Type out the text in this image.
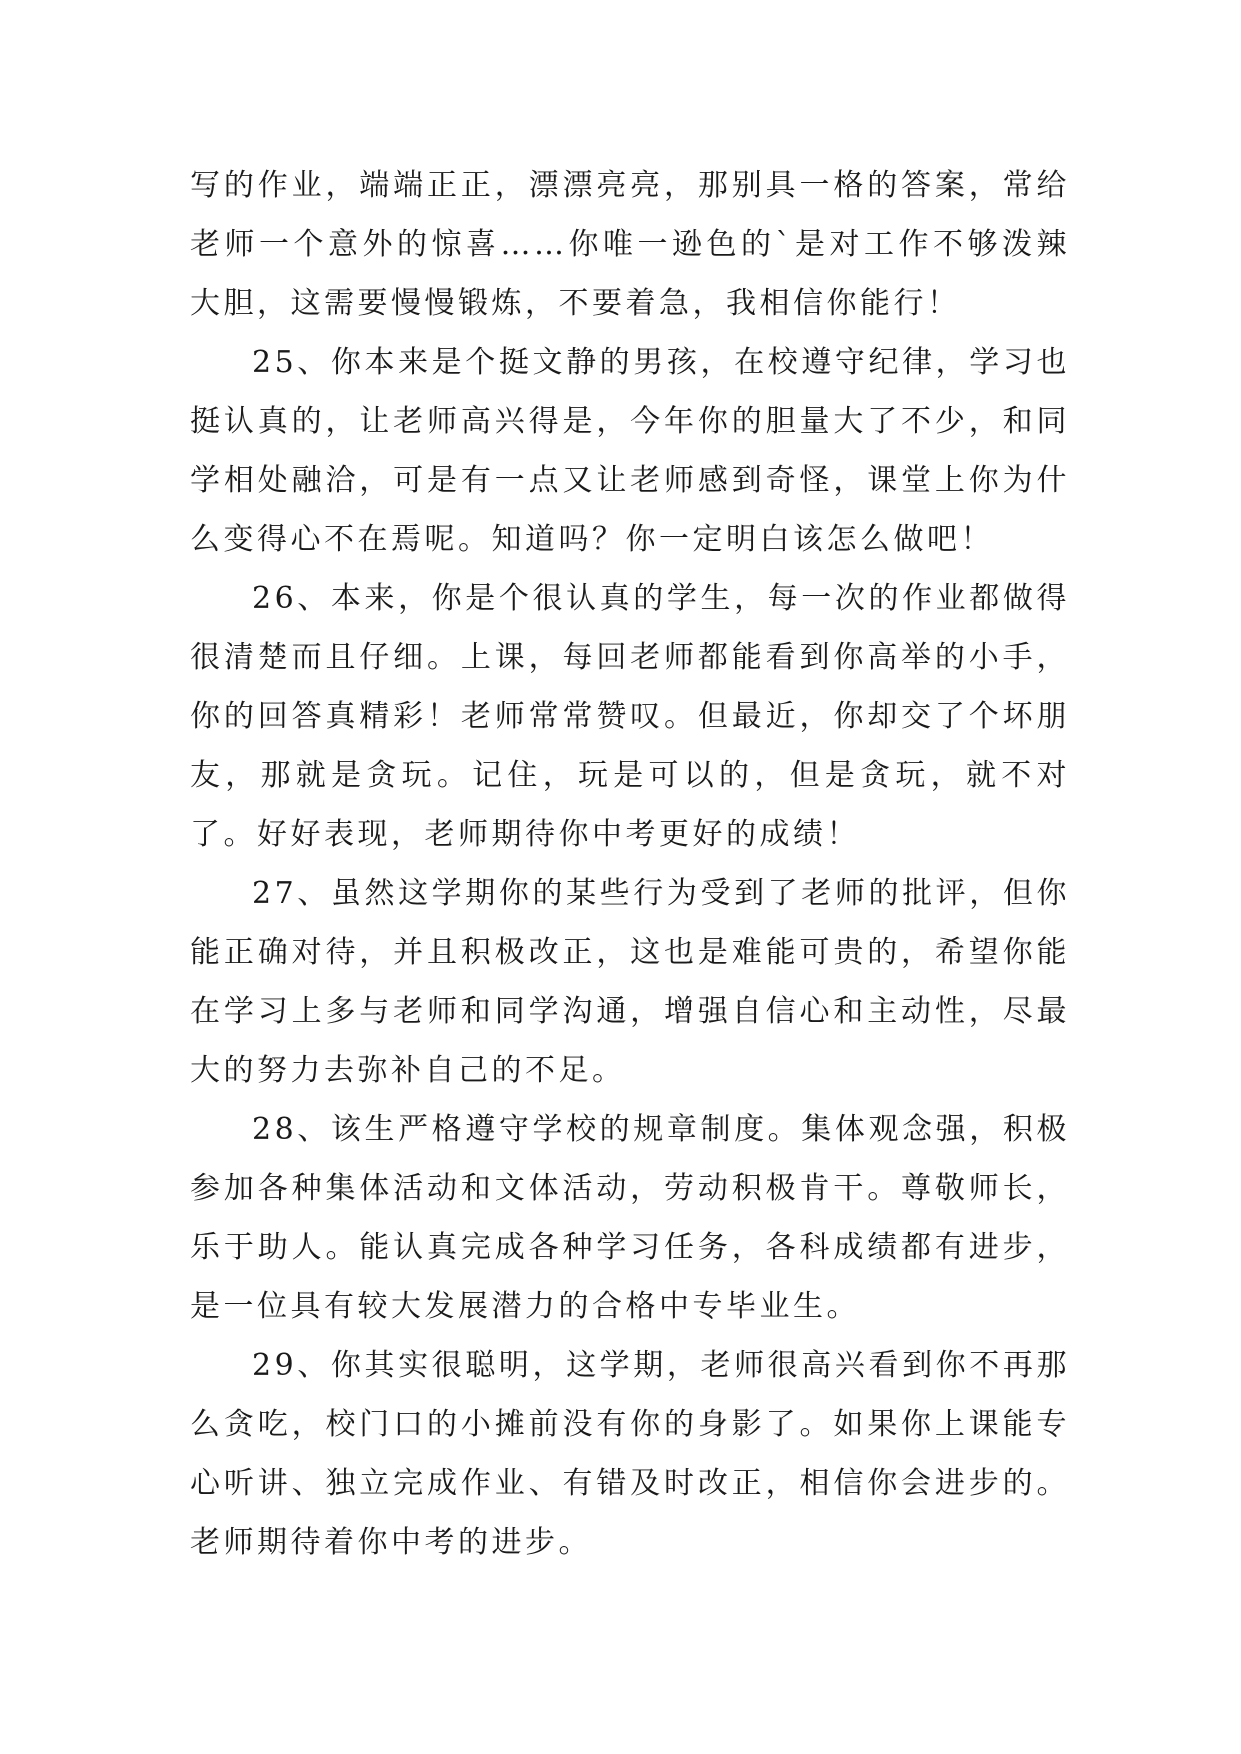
写的作业，端端正正，漂漂亮亮，那别具一格的答案，常给老师一个意外的惊喜……你唯一逊色的`是对工作不够泼辣大胆，这需要慢慢锻炼，不要着急，我相信你能行！

25、你本来是个挺文静的男孩，在校遵守纪律，学习也挺认真的，让老师高兴得是，今年你的胆量大了不少，和同学相处融洽，可是有一点又让老师感到奇怪，课堂上你为什么变得心不在焉呢。知道吗？你一定明白该怎么做吧！

26、本来，你是个很认真的学生，每一次的作业都做得很清楚而且仔细。上课，每回老师都能看到你高举的小手，你的回答真精彩！老师常常赞叹。但最近，你却交了个坏朋友，那就是贪玩。记住，玩是可以的，但是贪玩，就不对了。好好表现，老师期待你中考更好的成绩！

27、虽然这学期你的某些行为受到了老师的批评，但你能正确对待，并且积极改正，这也是难能可贵的，希望你能在学习上多与老师和同学沟通，增强自信心和主动性，尽最大的努力去弥补自己的不足。

28、该生严格遵守学校的规章制度。集体观念强，积极参加各种集体活动和文体活动，劳动积极肯干。尊敬师长，乐于助人。能认真完成各种学习任务，各科成绩都有进步，是一位具有较大发展潜力的合格中专毕业生。

29、你其实很聪明，这学期，老师很高兴看到你不再那么贪吃，校门口的小摊前没有你的身影了。如果你上课能专心听讲、独立完成作业、有错及时改正，相信你会进步的。老师期待着你中考的进步。
